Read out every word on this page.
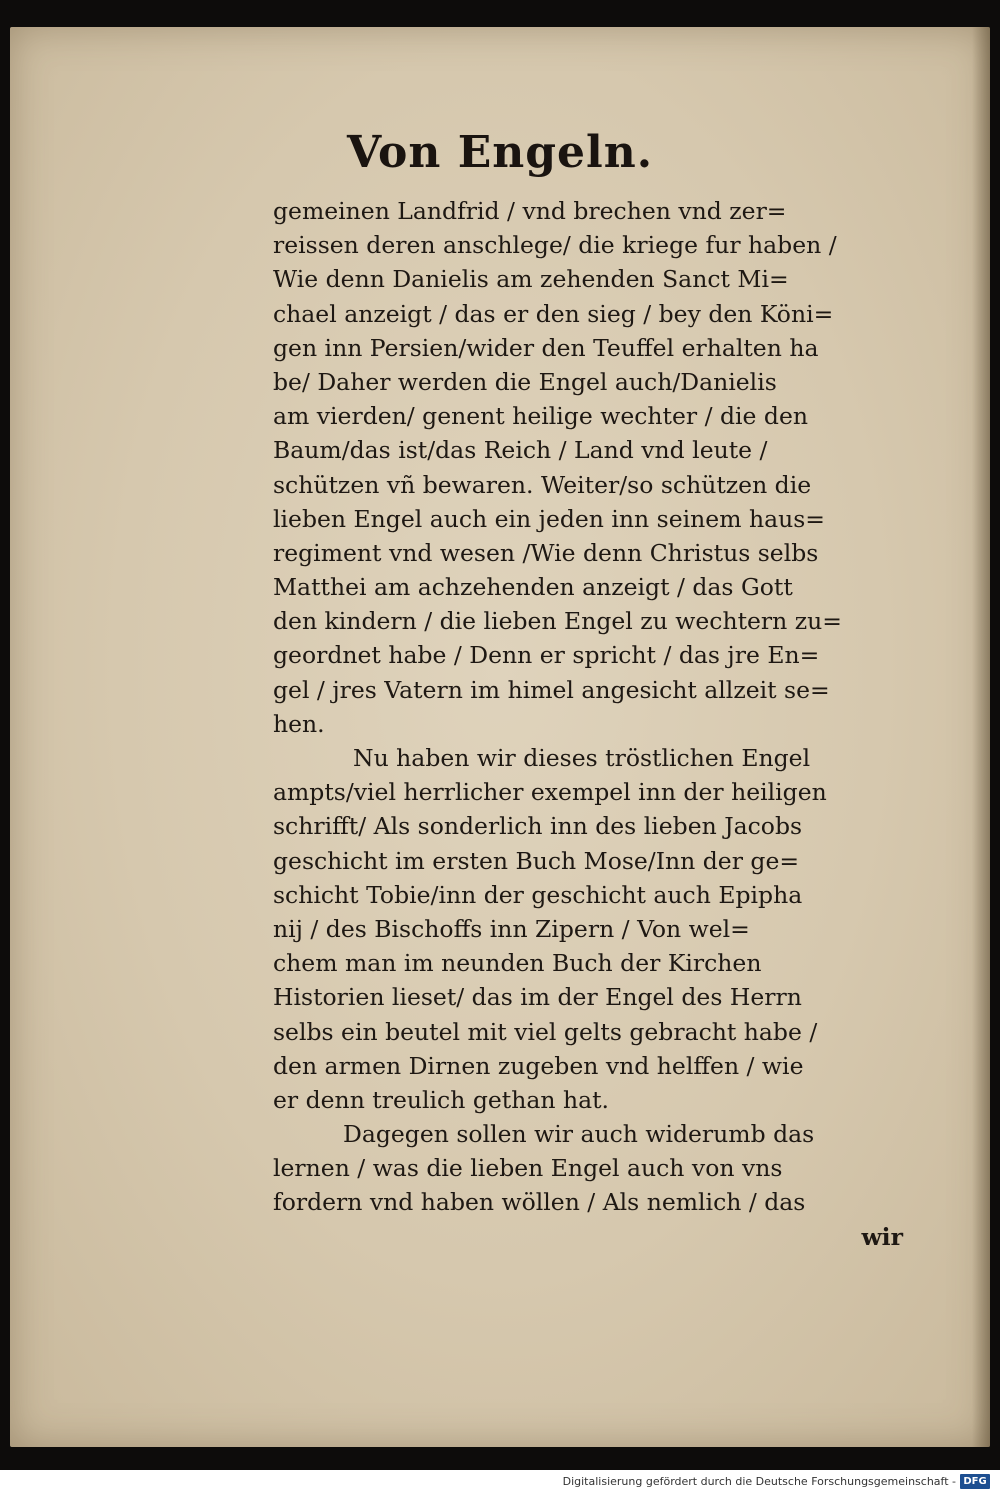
Von Engeln.
gemeinen Landfrid / vnd brechen vnd zer=
reissen deren anschlege/ die kriege fur haben /
Wie denn Danielis am zehenden Sanct Mi=
chael anzeigt / das er den sieg / bey den Köni=
gen inn Persien/wider den Teuffel erhalten ha
be/ Daher werden die Engel auch/Danielis
am vierden/ genent heilige wechter / die den
Baum/das ist/das Reich / Land vnd leute /
schützen vñ bewaren. Weiter/so schützen die
lieben Engel auch ein jeden inn seinem haus=
regiment vnd wesen /Wie denn Christus selbs
Matthei am achzehenden anzeigt / das Gott
den kindern / die lieben Engel zu wechtern zu=
geordnet habe / Denn er spricht / das jre En=
gel / jres Vatern im himel angesicht allzeit se=
hen.
Nu haben wir dieses tröstlichen Engel
ampts/viel herrlicher exempel inn der heiligen
schrifft/ Als sonderlich inn des lieben Jacobs
geschicht im ersten Buch Mose/Inn der ge=
schicht Tobie/inn der geschicht auch Epipha
nij / des Bischoffs inn Zipern / Von wel=
chem man im neunden Buch der Kirchen
Historien lieset/ das im der Engel des Herrn
selbs ein beutel mit viel gelts gebracht habe /
den armen Dirnen zugeben vnd helffen / wie
er denn treulich gethan hat.
Dagegen sollen wir auch widerumb das
lernen / was die lieben Engel auch von vns
fordern vnd haben wöllen / Als nemlich / das
wir
Digitalisierung gefördert durch die Deutsche Forschungsgemeinschaft - DFG
